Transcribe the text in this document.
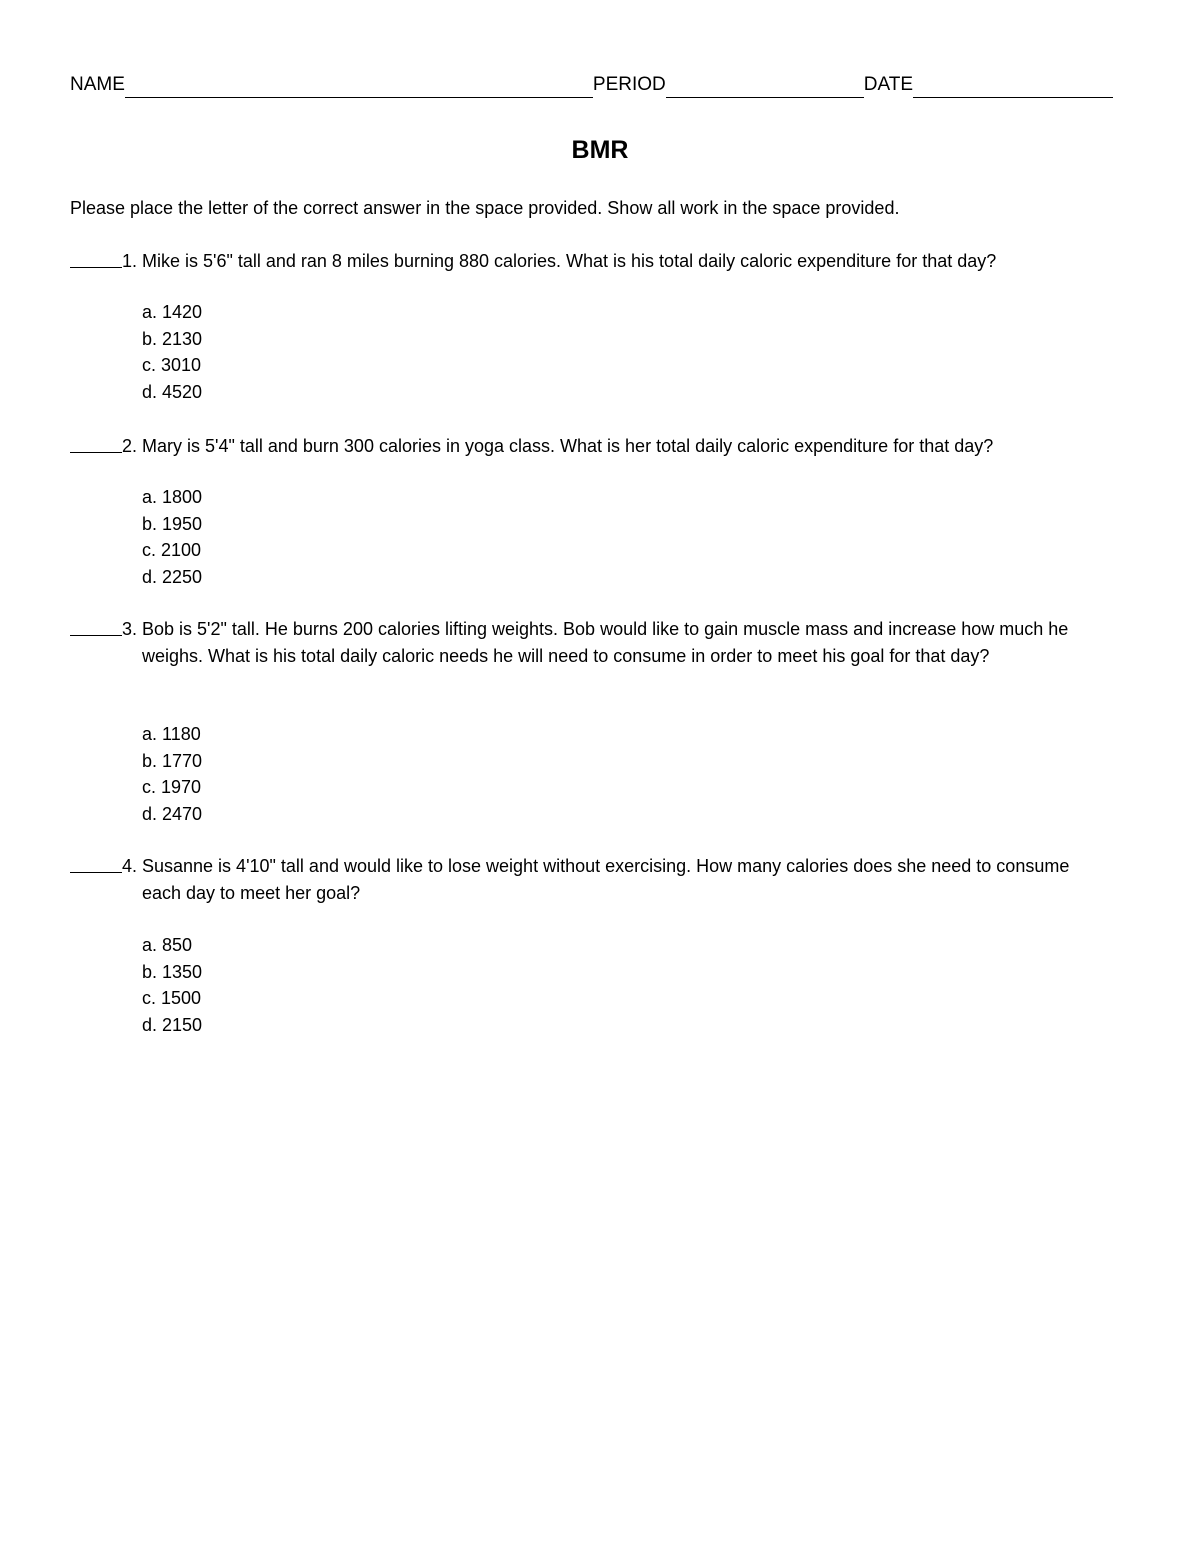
NAME	PERIOD	DATE
BMR
Please place the letter of the correct answer in the space provided. Show all work in the space provided.
1. Mike is 5'6" tall and ran 8 miles burning 880 calories. What is his total daily caloric expenditure for that day?
a. 1420
b. 2130
c. 3010
d. 4520
2. Mary is 5'4" tall and burn 300 calories in yoga class. What is her total daily caloric expenditure for that day?
a. 1800
b. 1950
c. 2100
d. 2250
3. Bob is 5'2" tall. He burns 200 calories lifting weights. Bob would like to gain muscle mass and increase how much he weighs. What is his total daily caloric needs he will need to consume in order to meet his goal for that day?
a. 1180
b. 1770
c. 1970
d. 2470
4. Susanne is 4'10" tall and would like to lose weight without exercising. How many calories does she need to consume each day to meet her goal?
a. 850
b. 1350
c. 1500
d. 2150
